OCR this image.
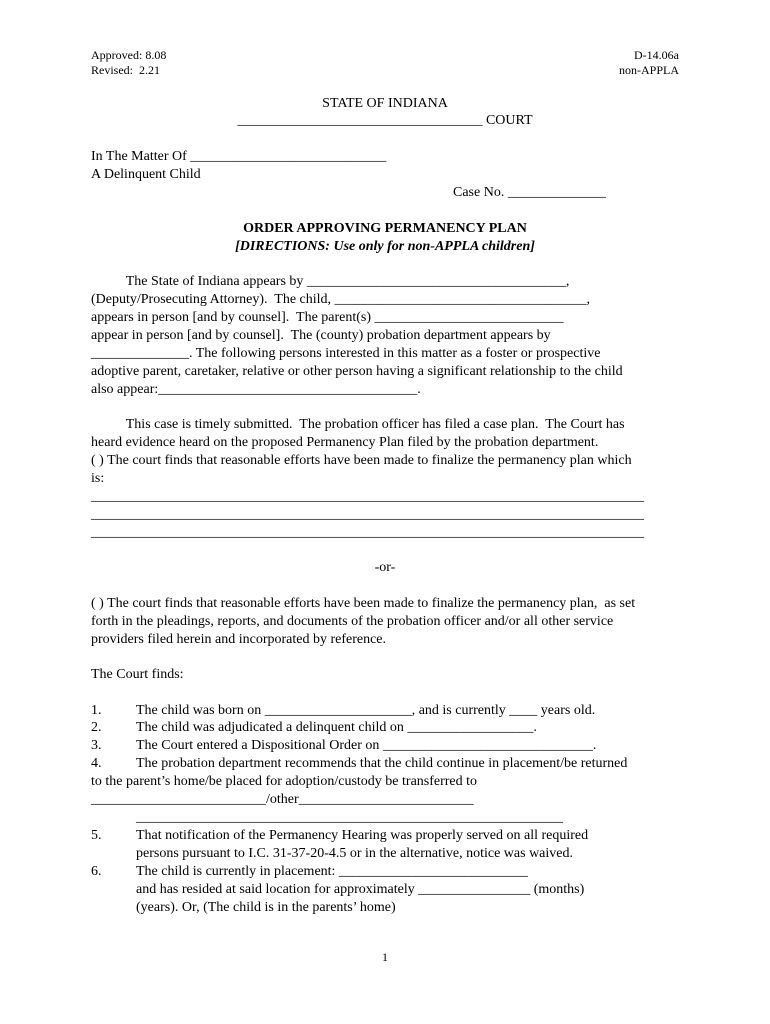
Approved: 8.08
Revised:  2.21
D-14.06a
non-APPLA
STATE OF INDIANA
___________________________________ COURT
In The Matter Of ____________________________
A Delinquent Child
Case No. ______________
ORDER APPROVING PERMANENCY PLAN
[DIRECTIONS: Use only for non-APPLA children]
The State of Indiana appears by _____________________________________,
(Deputy/Prosecuting Attorney).  The child, ____________________________________,
appears in person [and by counsel].  The parent(s) ___________________________
appear in person [and by counsel].  The (county) probation department appears by
______________. The following persons interested in this matter as a foster or prospective
adoptive parent, caretaker, relative or other person having a significant relationship to the child
also appear:_____________________________________.
This case is timely submitted.  The probation officer has filed a case plan.  The Court has
heard evidence heard on the proposed Permanency Plan filed by the probation department.
( ) The court finds that reasonable efforts have been made to finalize the permanency plan which
is:
_______________________________________________________________________________
_______________________________________________________________________________
_______________________________________________________________________________
-or-
( ) The court finds that reasonable efforts have been made to finalize the permanency plan,  as set
forth in the pleadings, reports, and documents of the probation officer and/or all other service
providers filed herein and incorporated by reference.
The Court finds:
1. The child was born on _____________________, and is currently ____ years old.
2. The child was adjudicated a delinquent child on __________________.
3. The Court entered a Dispositional Order on ______________________________.
4. The probation department recommends that the child continue in placement/be returned
to the parent’s home/be placed for adoption/custody be transferred to
_________________________/other_________________________
_____________________________________________________________
5. That notification of the Permanency Hearing was properly served on all required
persons pursuant to I.C. 31-37-20-4.5 or in the alternative, notice was waived.
6. The child is currently in placement: ___________________________
and has resided at said location for approximately ________________ (months)
(years). Or, (The child is in the parents’ home)
1
